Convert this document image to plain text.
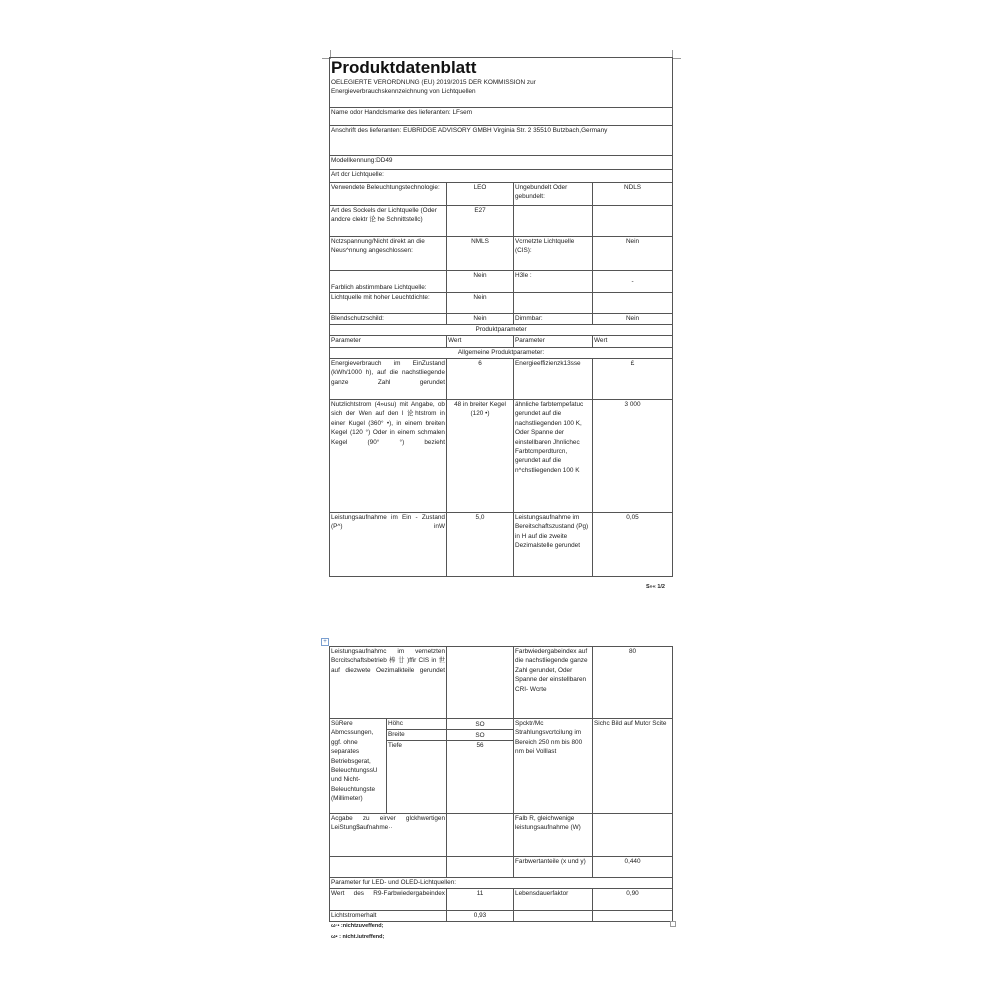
Produktdatenblatt
OELEGIERTE VERORDNUNG (EU) 2019/2015 DER KOMMISSION zur
Energieverbrauchskennzeichnung von Lichtquellen			

Name odor Handclsmarke des lieferanten: LFsem			
Anschrift des lieferanten: EUBRIDGE ADVISORY GMBH Virginia Str. 2 35510 Butzbach,Germany			
Modellkennung:DD49			
Art dcr Lichtquelle:			
Verwendete Beleuchtungstechnologie:	LEO	Ungebundelt Oder gebundelt:	NDLS
Art des Sockels der Lichtquelle (Oder andcre clektr 论 he Schnittstellc)	E27		
Nctzspannung/Nicht direkt an die Neus^nnung angeschlossen:	NMLS	Vcrnetzte Lichtquelle (CIS):	Nein
Farblich abstimmbare Lichtquelle:	Nein	H3le :	-
Lichtquelle mit hoher Leuchtdichte:	Nein		
Blendschutzschild:	Nein	Dimmbar:	Nein
Produktparameter			
Parameter	Wert	Parameter	Wert
Allgemeine Produktparameter:			
Energieverbrauch im EinZustand (kWh/1000 h), auf die nachstliegende ganze Zahl gerundet	6	Energieeffizienzk13sse	£
Nutzlichtstrom (4»usu) mit Angabe, ob sich der Wen auf den l 论htstrom in einer Kugel (360° •), in einem breiten Kegel (120 °) Oder in einem schmalen Kegel (90° °) bezieht	48 in breiter Kegel (120 •)	ähnliche farbtempefatuc gerundet auf die nachstliegenden 100 K, Oder Spanne der einstellbaren Jhnlichec Farbtcmperdturcn, gerundet auf die n^chstliegenden 100 K	3 000
Leistungsaufnahme im Ein - Zustand (P^) inW	5,0	Leistungsaufnahme im Bereitschaftszustand (Pg) in H auf die zweite Dezimalstelle gerundet	0,05
S»« 1/2
+
Leistungsaufnahmc im vernetzten Bcrcitschaftsbetrieb 棒 廿 )ffir CIS in 世 auf diezwete Oezimalkteile gerundet			Farbwiedergabeindex auf die nachstliegende ganze Zahl gerundet, Oder Spanne der einstellbaren CRI- Wcrte	80
SüRere Abmcssungen, ggf. ohne separates Betriebsgerat, BeleuchtungssU und Nicht-Beleuchtungste (Millimeter)	Höhc	SO	Spcktr/Mc Strahlungsvcrtcilung im Bereich 250 nm bis 800 nm bei Volllast	Sichc Bild auf Mutcr Scite
	Breite	SO		
	Tiefe	56		
Acgabe zu eirver glckhwertigen LeiStung$aufnahme··			Falb R, gleichwenige leistungsaufnahme (W)	
			Farbwertanteile (x und y)	0,440
Parameter fur LED- und OLED-Lichtquellen:				
Wert des R9-Farbwiedergabeindex		11	Lebensdauerfaktor	0,90
Lichtstromerhalt		0,93		
ω·• :nichtzuveffend;
ω• : nicht.iutreffend;
